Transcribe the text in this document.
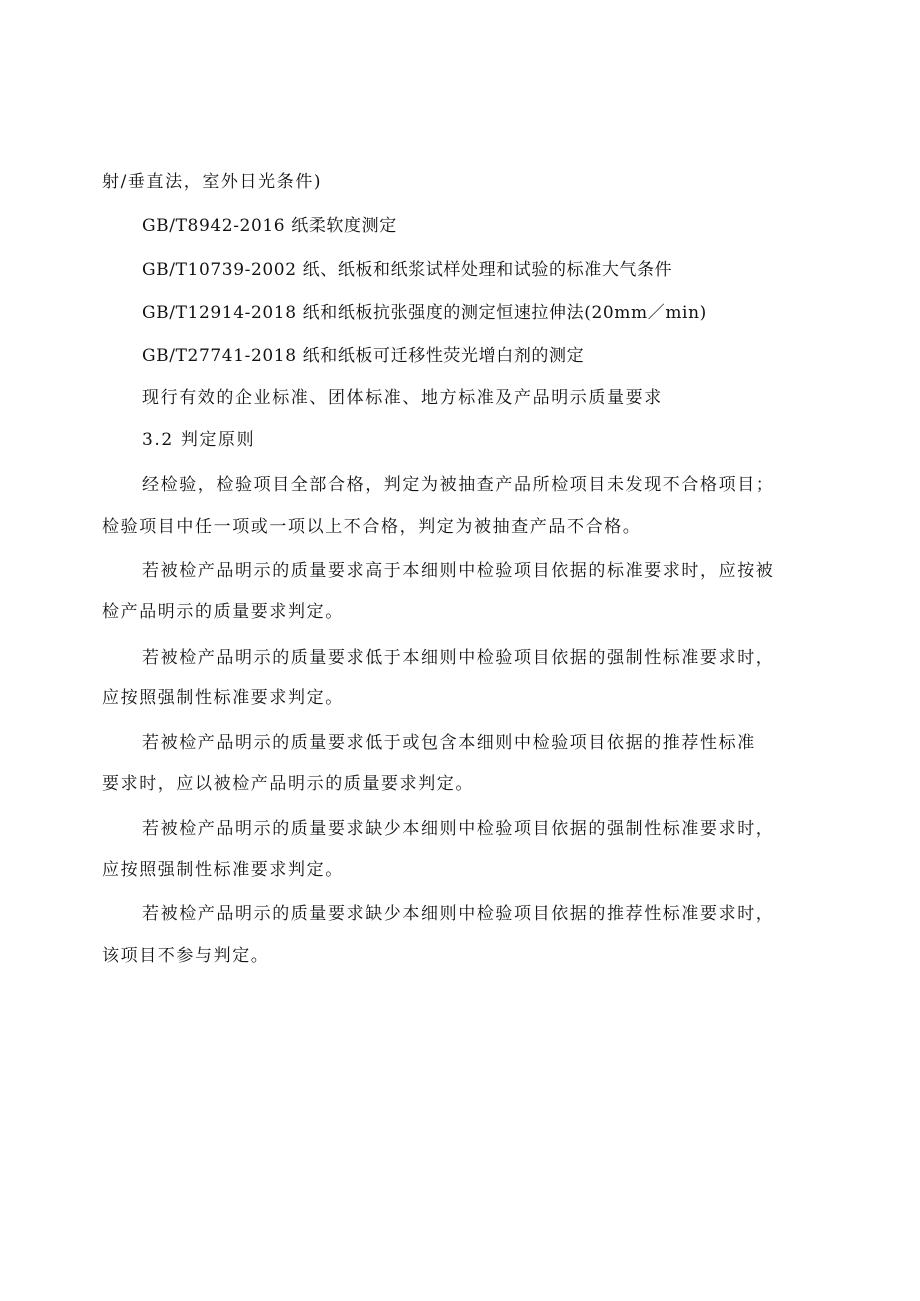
射/垂直法，室外日光条件)
GB/T8942-2016 纸柔软度测定
GB/T10739-2002 纸、纸板和纸浆试样处理和试验的标准大气条件
GB/T12914-2018 纸和纸板抗张强度的测定恒速拉伸法(20mm／min)
GB/T27741-2018 纸和纸板可迁移性荧光增白剂的测定
现行有效的企业标准、团体标准、地方标准及产品明示质量要求
3.2 判定原则
经检验，检验项目全部合格，判定为被抽查产品所检项目未发现不合格项目；
检验项目中任一项或一项以上不合格，判定为被抽查产品不合格。
若被检产品明示的质量要求高于本细则中检验项目依据的标准要求时，应按被
检产品明示的质量要求判定。
若被检产品明示的质量要求低于本细则中检验项目依据的强制性标准要求时，
应按照强制性标准要求判定。
若被检产品明示的质量要求低于或包含本细则中检验项目依据的推荐性标准
要求时，应以被检产品明示的质量要求判定。
若被检产品明示的质量要求缺少本细则中检验项目依据的强制性标准要求时，
应按照强制性标准要求判定。
若被检产品明示的质量要求缺少本细则中检验项目依据的推荐性标准要求时，
该项目不参与判定。
